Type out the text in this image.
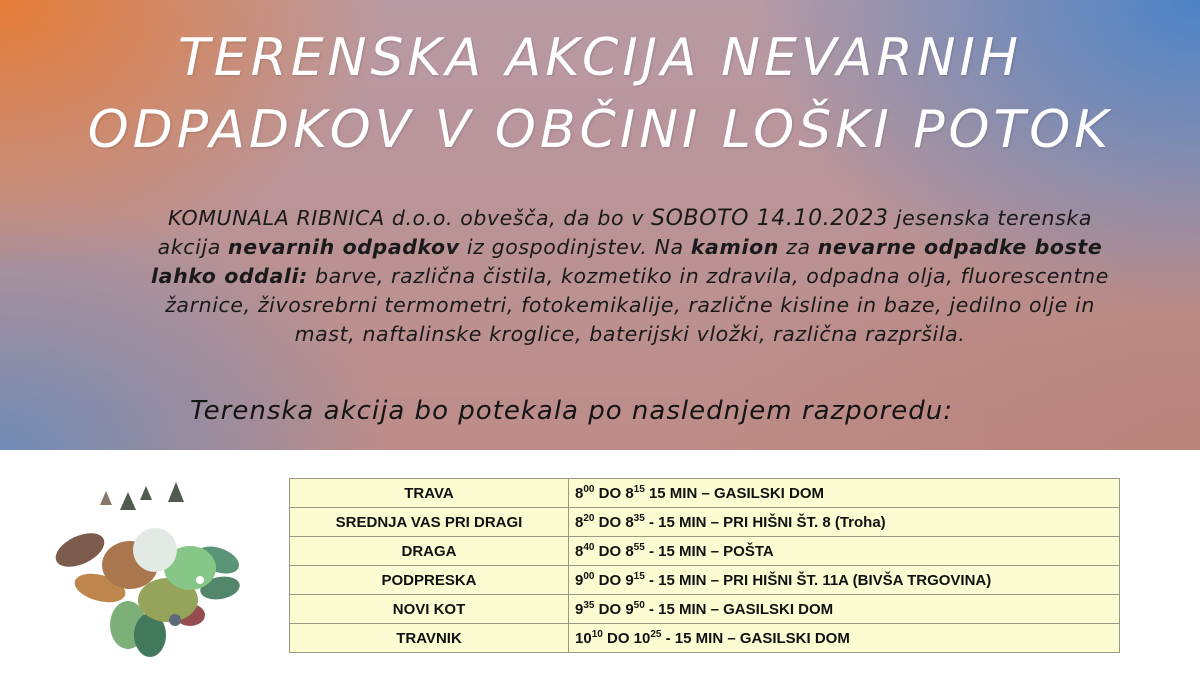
TERENSKA AKCIJA NEVARNIH
ODPADKOV V OBČINI LOŠKI POTOK
KOMUNALA RIBNICA d.o.o. obvešča, da bo v SOBOTO 14.10.2023 jesenska terenska akcija nevarnih odpadkov iz gospodinjstev. Na kamion za nevarne odpadke boste lahko oddali: barve, različna čistila, kozmetiko in zdravila, odpadna olja, fluorescentne žarnice, živosrebrni termometri, fotokemikalije, različne kisline in baze, jedilno olje in mast, naftalinske kroglice, baterijski vložki, različna razpršila.
Terenska akcija bo potekala po naslednjem razporedu:
TRAVA	$8^{00}$ DO $8^{15}$ 15 MIN – GASILSKI DOM
SREDNJA VAS PRI DRAGI	$8^{20}$ DO $8^{35} - 15$ MIN – PRI HIŠNI ŠT. 8 (Troha)
DRAGA	$8^{40}$ DO $8^{55} - 15$ MIN – POŠTA
PODPRESKA	$9^{00}$ DO $9^{15} - 15$ MIN – PRI HIŠNI ŠT. 11A (BIVŠA TRGOVINA)
NOVI KOT	$9^{35}$ DO $9^{50} - 15$ MIN – GASILSKI DOM
TRAVNIK	$10^{10}$ DO $10^{25} - 15$ MIN – GASILSKI DOM
